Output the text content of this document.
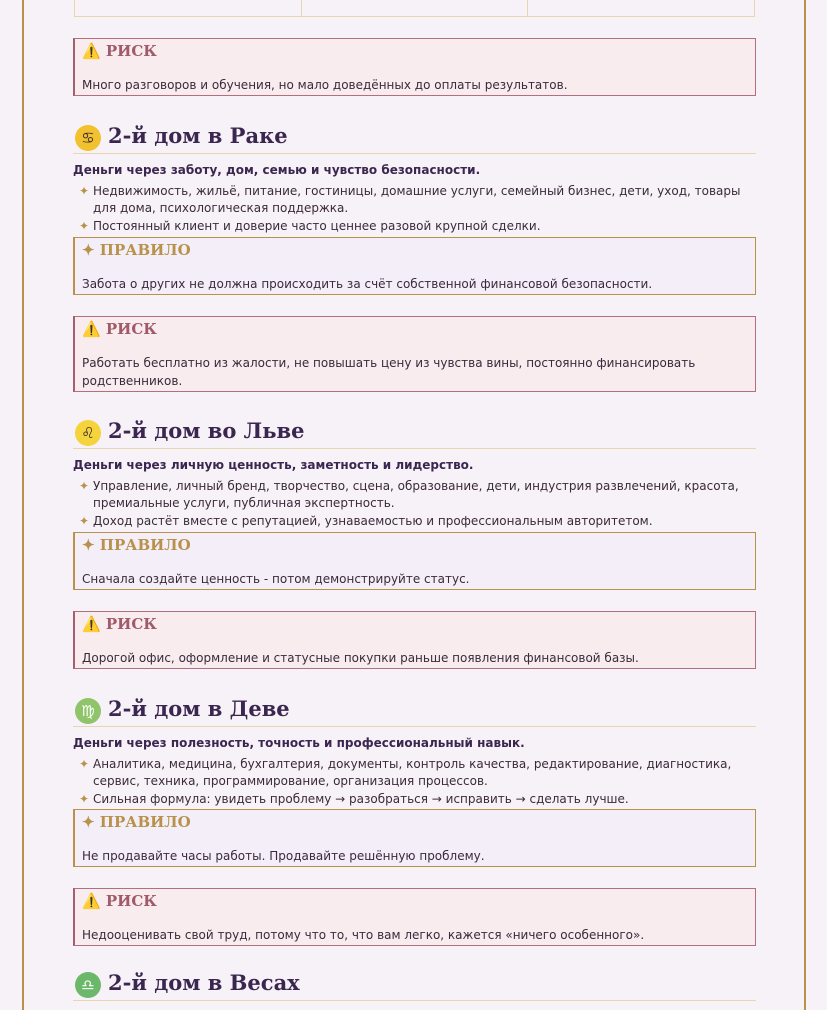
⚠️ РИСК
Много разговоров и обучения, но мало доведённых до оплаты результатов.
♋ 2-й дом в Раке
Деньги через заботу, дом, семью и чувство безопасности.
✦ Недвижимость, жильё, питание, гостиницы, домашние услуги, семейный бизнес, дети, уход, товары для дома, психологическая поддержка.
✦ Постоянный клиент и доверие часто ценнее разовой крупной сделки.
✦ ПРАВИЛО
Забота о других не должна происходить за счёт собственной финансовой безопасности.
⚠️ РИСК
Работать бесплатно из жалости, не повышать цену из чувства вины, постоянно финансировать родственников.
♌ 2-й дом во Льве
Деньги через личную ценность, заметность и лидерство.
✦ Управление, личный бренд, творчество, сцена, образование, дети, индустрия развлечений, красота, премиальные услуги, публичная экспертность.
✦ Доход растёт вместе с репутацией, узнаваемостью и профессиональным авторитетом.
✦ ПРАВИЛО
Сначала создайте ценность - потом демонстрируйте статус.
⚠️ РИСК
Дорогой офис, оформление и статусные покупки раньше появления финансовой базы.
♍ 2-й дом в Деве
Деньги через полезность, точность и профессиональный навык.
✦ Аналитика, медицина, бухгалтерия, документы, контроль качества, редактирование, диагностика, сервис, техника, программирование, организация процессов.
✦ Сильная формула: увидеть проблему → разобраться → исправить → сделать лучше.
✦ ПРАВИЛО
Не продавайте часы работы. Продавайте решённую проблему.
⚠️ РИСК
Недооценивать свой труд, потому что то, что вам легко, кажется «ничего особенного».
♎ 2-й дом в Весах
